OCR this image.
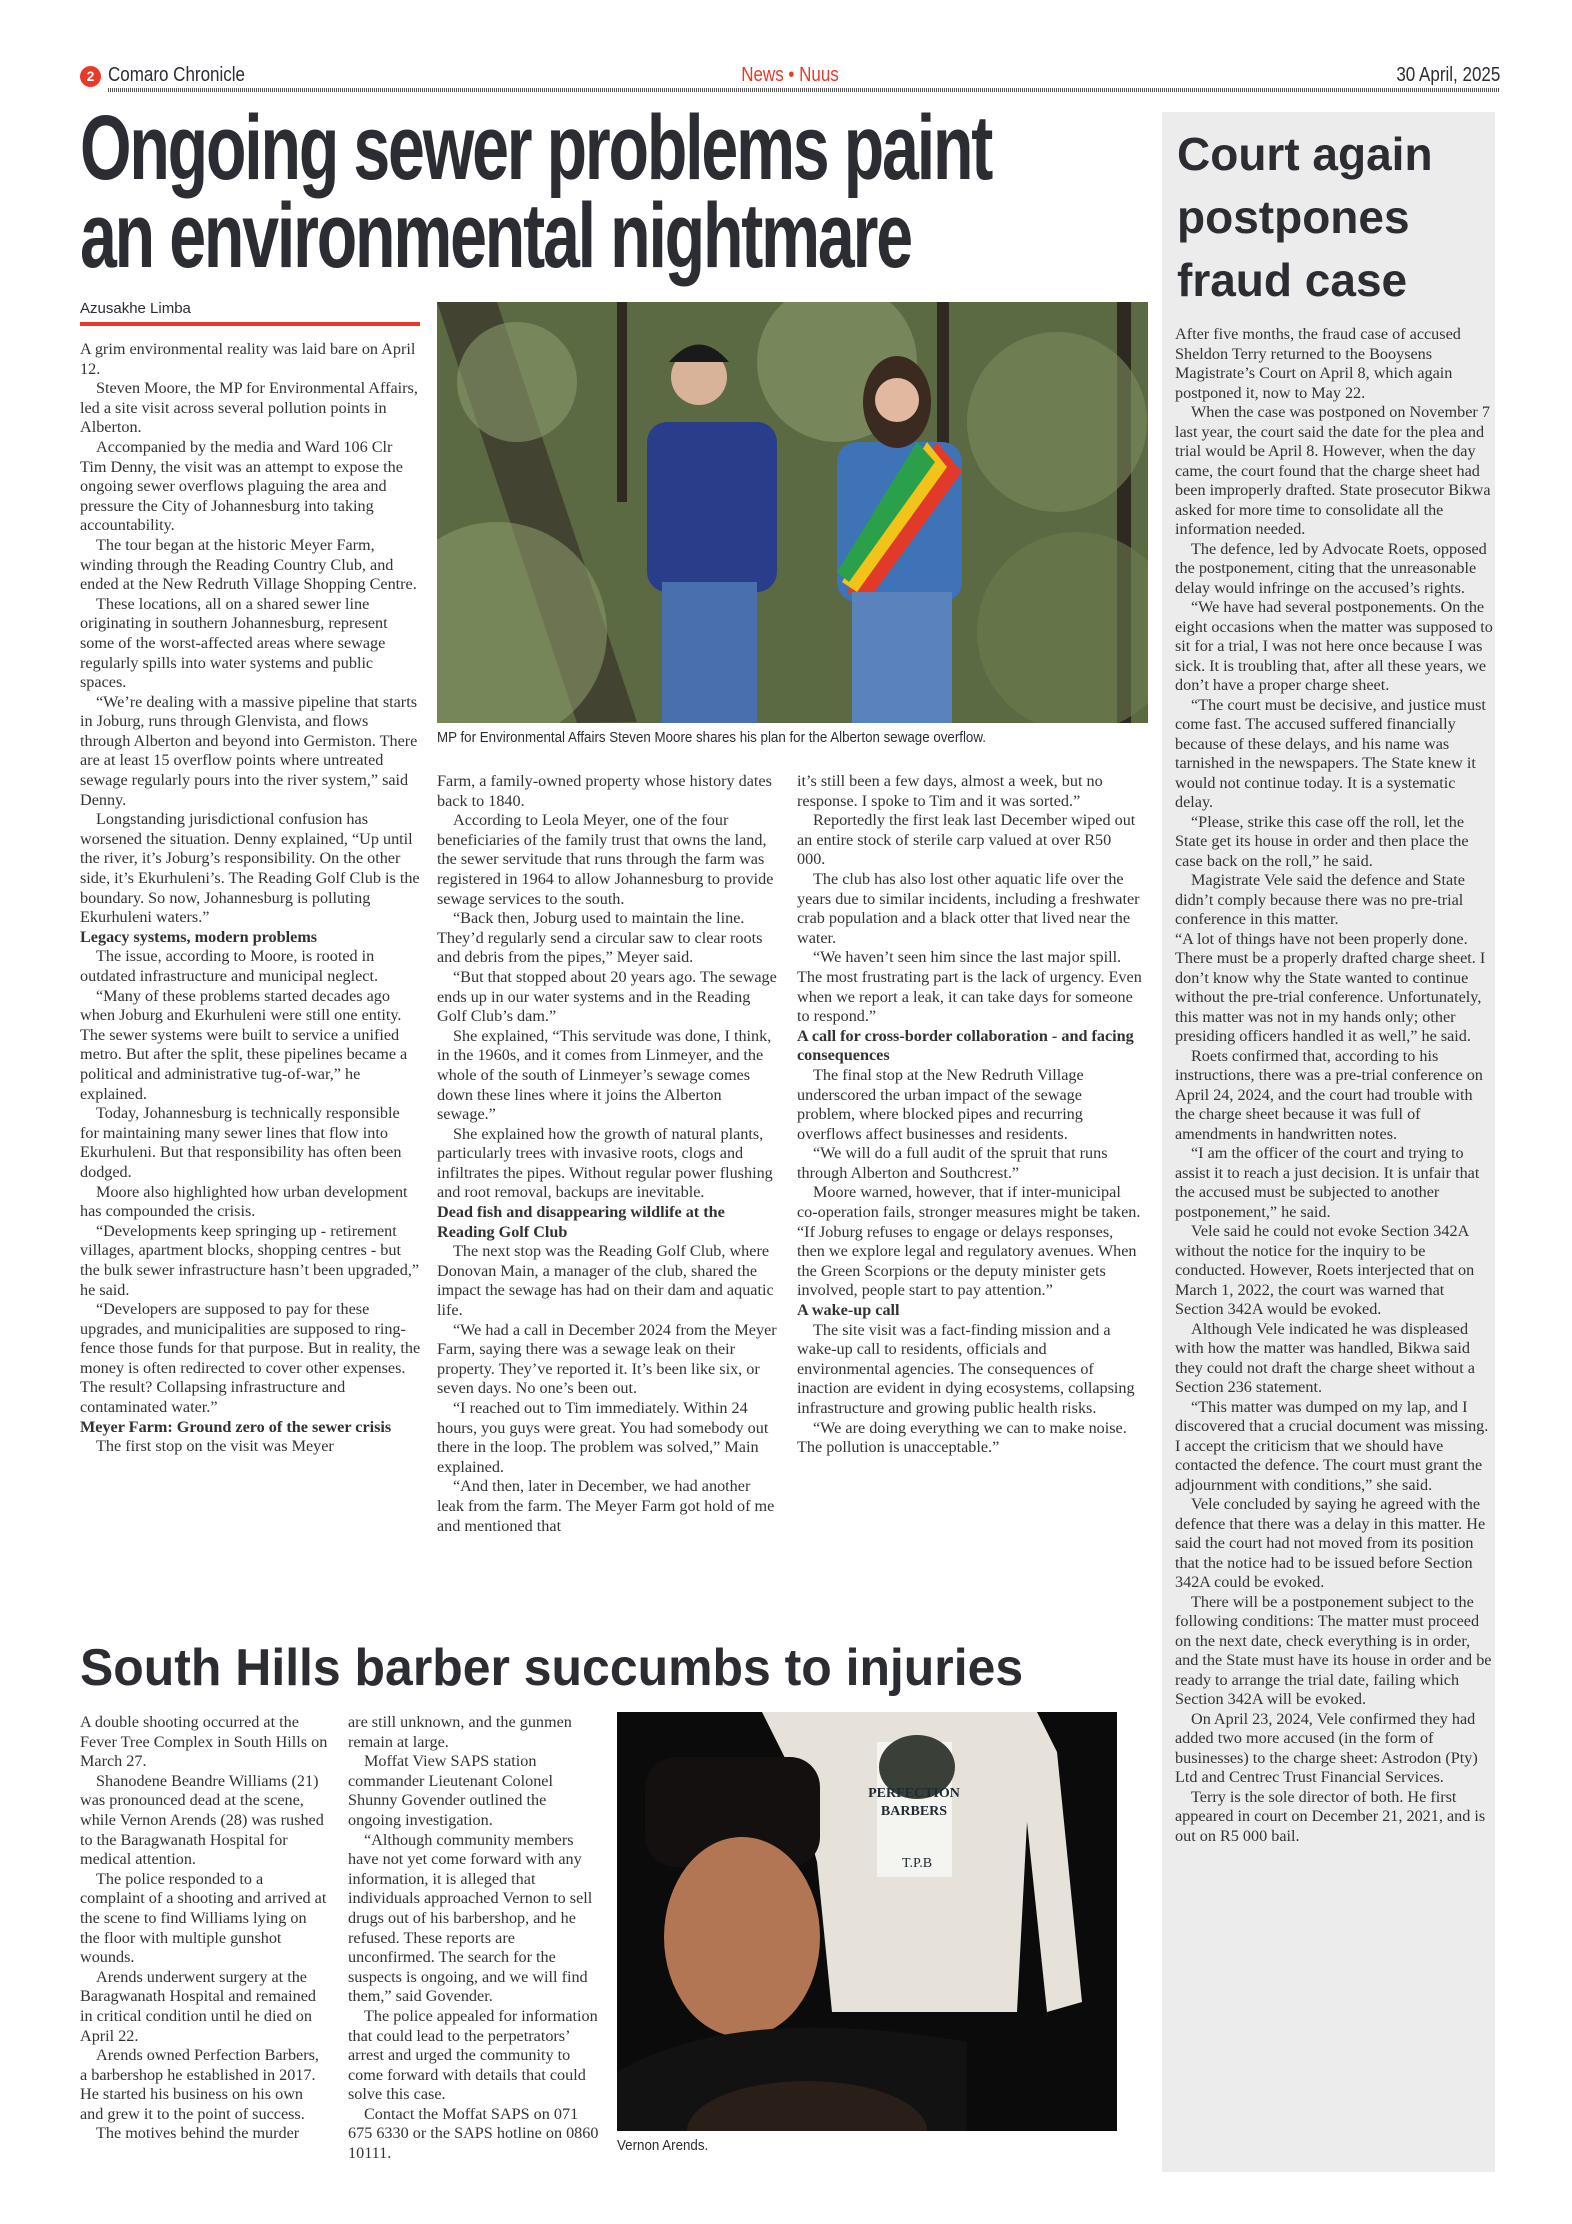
2 Comaro Chronicle	News • Nuus	30 April, 2025
Ongoing sewer problems paint
an environmental nightmare
Azusakhe Limba

A grim environmental reality was laid bare on April 12.

Steven Moore, the MP for Environmental Affairs, led a site visit across several pollution points in Alberton.

Accompanied by the media and Ward 106 Clr Tim Denny, the visit was an attempt to expose the ongoing sewer overflows plaguing the area and pressure the City of Johannesburg into taking accountability.

The tour began at the historic Meyer Farm, winding through the Reading Country Club, and ended at the New Redruth Village Shopping Centre.

These locations, all on a shared sewer line originating in southern Johannesburg, represent some of the worst-affected areas where sewage regularly spills into water systems and public spaces.

“We’re dealing with a massive pipeline that starts in Joburg, runs through Glenvista, and flows through Alberton and beyond into Germiston. There are at least 15 overflow points where untreated sewage regularly pours into the river system,” said Denny.

Longstanding jurisdictional confusion has worsened the situation. Denny explained, “Up until the river, it’s Joburg’s responsibility. On the other side, it’s Ekurhuleni’s. The Reading Golf Club is the boundary. So now, Johannesburg is polluting Ekurhuleni waters.”

Legacy systems, modern problems

The issue, according to Moore, is rooted in outdated infrastructure and municipal neglect.

“Many of these problems started decades ago when Joburg and Ekurhuleni were still one entity. The sewer systems were built to service a unified metro. But after the split, these pipelines became a political and administrative tug-of-war,” he explained.

Today, Johannesburg is technically responsible for maintaining many sewer lines that flow into Ekurhuleni. But that responsibility has often been dodged.

Moore also highlighted how urban development has compounded the crisis.

“Developments keep springing up - retirement villages, apartment blocks, shopping centres - but the bulk sewer infrastructure hasn’t been upgraded,” he said.

“Developers are supposed to pay for these upgrades, and municipalities are supposed to ring-fence those funds for that purpose. But in reality, the money is often redirected to cover other expenses. The result? Collapsing infrastructure and contaminated water.”

Meyer Farm: Ground zero of the sewer crisis

The first stop on the visit was Meyer

MP for Environmental Affairs Steven Moore shares his plan for the Alberton sewage overflow.

Farm, a family-owned property whose history dates back to 1840.

According to Leola Meyer, one of the four beneficiaries of the family trust that owns the land, the sewer servitude that runs through the farm was registered in 1964 to allow Johannesburg to provide sewage services to the south.

“Back then, Joburg used to maintain the line. They’d regularly send a circular saw to clear roots and debris from the pipes,” Meyer said.

“But that stopped about 20 years ago. The sewage ends up in our water systems and in the Reading Golf Club’s dam.”

She explained, “This servitude was done, I think, in the 1960s, and it comes from Linmeyer, and the whole of the south of Linmeyer’s sewage comes down these lines where it joins the Alberton sewage.”

She explained how the growth of natural plants, particularly trees with invasive roots, clogs and infiltrates the pipes. Without regular power flushing and root removal, backups are inevitable.

Dead fish and disappearing wildlife at the Reading Golf Club

The next stop was the Reading Golf Club, where Donovan Main, a manager of the club, shared the impact the sewage has had on their dam and aquatic life.

“We had a call in December 2024 from the Meyer Farm, saying there was a sewage leak on their property. They’ve reported it. It’s been like six, or seven days. No one’s been out.

“I reached out to Tim immediately. Within 24 hours, you guys were great. You had somebody out there in the loop. The problem was solved,” Main explained.

“And then, later in December, we had another leak from the farm. The Meyer Farm got hold of me and mentioned that

it’s still been a few days, almost a week, but no response. I spoke to Tim and it was sorted.”

Reportedly the first leak last December wiped out an entire stock of sterile carp valued at over R50 000.

The club has also lost other aquatic life over the years due to similar incidents, including a freshwater crab population and a black otter that lived near the water.

“We haven’t seen him since the last major spill. The most frustrating part is the lack of urgency. Even when we report a leak, it can take days for someone to respond.”

A call for cross-border collaboration - and facing consequences

The final stop at the New Redruth Village underscored the urban impact of the sewage problem, where blocked pipes and recurring overflows affect businesses and residents.

“We will do a full audit of the spruit that runs through Alberton and Southcrest.”

Moore warned, however, that if inter-municipal co-operation fails, stronger measures might be taken. “If Joburg refuses to engage or delays responses, then we explore legal and regulatory avenues. When the Green Scorpions or the deputy minister gets involved, people start to pay attention.”

A wake-up call

The site visit was a fact-finding mission and a wake-up call to residents, officials and environmental agencies. The consequences of inaction are evident in dying ecosystems, collapsing infrastructure and growing public health risks.

“We are doing everything we can to make noise. The pollution is unacceptable.”

Court again
postpones
fraud case

After five months, the fraud case of accused Sheldon Terry returned to the Booysens Magistrate’s Court on April 8, which again postponed it, now to May 22.

When the case was postponed on November 7 last year, the court said the date for the plea and trial would be April 8. However, when the day came, the court found that the charge sheet had been improperly drafted. State prosecutor Bikwa asked for more time to consolidate all the information needed.

The defence, led by Advocate Roets, opposed the postponement, citing that the unreasonable delay would infringe on the accused’s rights.

“We have had several postponements. On the eight occasions when the matter was supposed to sit for a trial, I was not here once because I was sick. It is troubling that, after all these years, we don’t have a proper charge sheet.

“The court must be decisive, and justice must come fast. The accused suffered financially because of these delays, and his name was tarnished in the newspapers. The State knew it would not continue today. It is a systematic delay.

“Please, strike this case off the roll, let the State get its house in order and then place the case back on the roll,” he said.

Magistrate Vele said the defence and State didn’t comply because there was no pre-trial conference in this matter.

“A lot of things have not been properly done. There must be a properly drafted charge sheet. I don’t know why the State wanted to continue without the pre-trial conference. Unfortunately, this matter was not in my hands only; other presiding officers handled it as well,” he said.

Roets confirmed that, according to his instructions, there was a pre-trial conference on April 24, 2024, and the court had trouble with the charge sheet because it was full of amendments in handwritten notes.

“I am the officer of the court and trying to assist it to reach a just decision. It is unfair that the accused must be subjected to another postponement,” he said.

Vele said he could not evoke Section 342A without the notice for the inquiry to be conducted. However, Roets interjected that on March 1, 2022, the court was warned that Section 342A would be evoked.

Although Vele indicated he was displeased with how the matter was handled, Bikwa said they could not draft the charge sheet without a Section 236 statement.

“This matter was dumped on my lap, and I discovered that a crucial document was missing. I accept the criticism that we should have contacted the defence. The court must grant the adjournment with conditions,” she said.

Vele concluded by saying he agreed with the defence that there was a delay in this matter. He said the court had not moved from its position that the notice had to be issued before Section 342A could be evoked.

There will be a postponement subject to the following conditions: The matter must proceed on the next date, check everything is in order, and the State must have its house in order and be ready to arrange the trial date, failing which Section 342A will be evoked.

On April 23, 2024, Vele confirmed they had added two more accused (in the form of businesses) to the charge sheet: Astrodon (Pty) Ltd and Centrec Trust Financial Services.

Terry is the sole director of both. He first appeared in court on December 21, 2021, and is out on R5 000 bail.

South Hills barber succumbs to injuries

A double shooting occurred at the Fever Tree Complex in South Hills on March 27.

Shanodene Beandre Williams (21) was pronounced dead at the scene, while Vernon Arends (28) was rushed to the Baragwanath Hospital for medical attention.

The police responded to a complaint of a shooting and arrived at the scene to find Williams lying on the floor with multiple gunshot wounds.

Arends underwent surgery at the Baragwanath Hospital and remained in critical condition until he died on April 22.

Arends owned Perfection Barbers, a barbershop he established in 2017. He started his business on his own and grew it to the point of success.

The motives behind the murder

are still unknown, and the gunmen remain at large.

Moffat View SAPS station commander Lieutenant Colonel Shunny Govender outlined the ongoing investigation.

“Although community members have not yet come forward with any information, it is alleged that individuals approached Vernon to sell drugs out of his barbershop, and he refused. These reports are unconfirmed. The search for the suspects is ongoing, and we will find them,” said Govender.

The police appealed for information that could lead to the perpetrators’ arrest and urged the community to come forward with details that could solve this case.

Contact the Moffat SAPS on 071 675 6330 or the SAPS hotline on 0860 10111.

PERFECTION
BARBERS
T.P.B
Vernon Arends.
